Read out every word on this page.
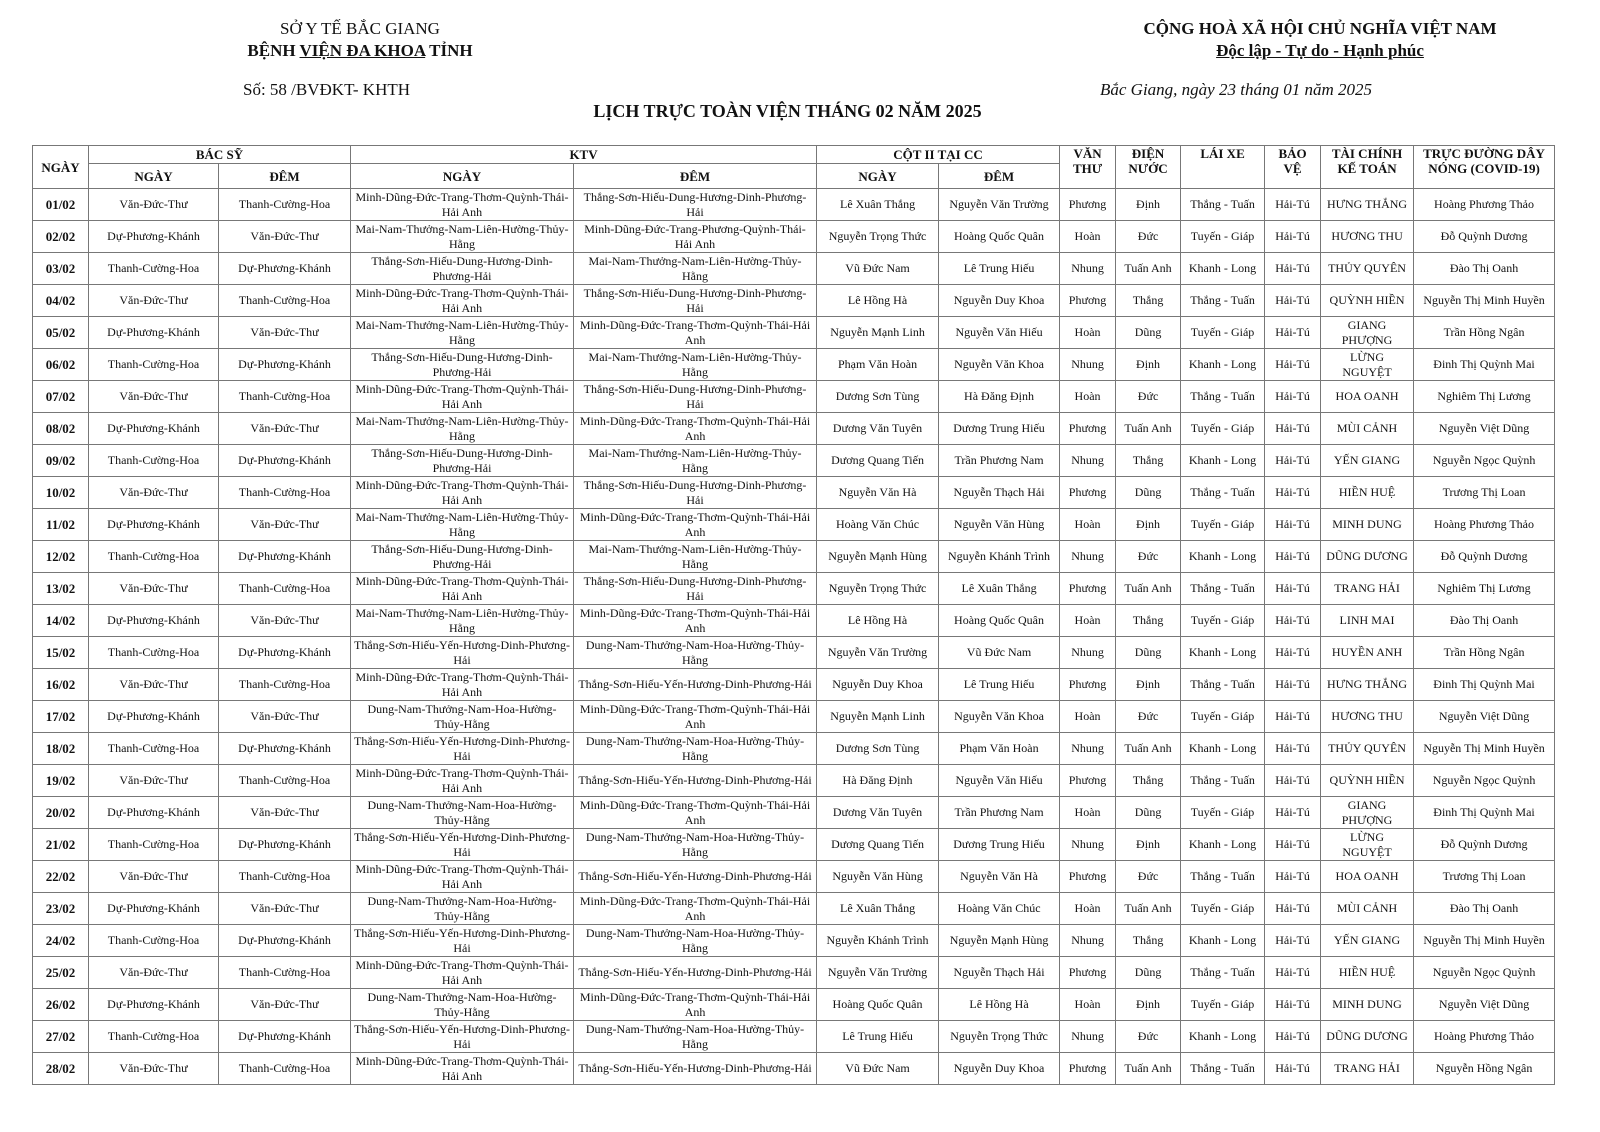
SỞ Y TẾ BẮC GIANG
BỆNH VIỆN ĐA KHOA TỈNH
CỘNG HOÀ XÃ HỘI CHỦ NGHĨA VIỆT NAM
Độc lập - Tự do - Hạnh phúc
Số: 58 /BVĐKT- KHTH	Bắc Giang, ngày 23 tháng 01 năm 2025
LỊCH TRỰC TOÀN VIỆN THÁNG 02 NĂM 2025
NGÀY	BÁC SỸ		KTV		CỘT II TẠI CC		VĂN THƯ	ĐIỆN NƯỚC	LÁI XE	BẢO VỆ	TÀI CHÍNH KẾ TOÁN	TRỰC ĐƯỜNG DÂY NÓNG (COVID-19)
	NGÀY	ĐÊM	NGÀY	ĐÊM	NGÀY	ĐÊM						
01/02	Văn-Đức-Thư	Thanh-Cường-Hoa	Minh-Dũng-Đức-Trang-Thơm-Quỳnh-Thái-Hải Anh	Thắng-Sơn-Hiếu-Dung-Hương-Dinh-Phương-Hải	Lê Xuân Thắng	Nguyễn Văn Trường	Phương	Định	Thắng - Tuấn	Hải-Tú	HƯNG THẮNG	Hoàng Phương Thảo
02/02	Dự-Phương-Khánh	Văn-Đức-Thư	Mai-Nam-Thưởng-Nam-Liên-Hường-Thủy-Hằng	Minh-Dũng-Đức-Trang-Phương-Quỳnh-Thái-Hải Anh	Nguyễn Trọng Thức	Hoàng Quốc Quân	Hoàn	Đức	Tuyến - Giáp	Hải-Tú	HƯƠNG THU	Đỗ Quỳnh Dương
03/02	Thanh-Cường-Hoa	Dự-Phương-Khánh	Thắng-Sơn-Hiếu-Dung-Hương-Dinh-Phương-Hải	Mai-Nam-Thưởng-Nam-Liên-Hường-Thủy-Hằng	Vũ Đức Nam	Lê Trung Hiếu	Nhung	Tuấn Anh	Khanh - Long	Hải-Tú	THỦY QUYÊN	Đào Thị Oanh
04/02	Văn-Đức-Thư	Thanh-Cường-Hoa	Minh-Dũng-Đức-Trang-Thơm-Quỳnh-Thái-Hải Anh	Thắng-Sơn-Hiếu-Dung-Hương-Dinh-Phương-Hải	Lê Hồng Hà	Nguyễn Duy Khoa	Phương	Thắng	Thắng - Tuấn	Hải-Tú	QUỲNH HIỀN	Nguyễn Thị Minh Huyền
05/02	Dự-Phương-Khánh	Văn-Đức-Thư	Mai-Nam-Thưởng-Nam-Liên-Hường-Thủy-Hằng	Minh-Dũng-Đức-Trang-Thơm-Quỳnh-Thái-Hải Anh	Nguyễn Mạnh Linh	Nguyễn Văn Hiếu	Hoàn	Dũng	Tuyến - Giáp	Hải-Tú	GIANG PHƯỢNG	Trần Hồng Ngân
06/02	Thanh-Cường-Hoa	Dự-Phương-Khánh	Thắng-Sơn-Hiếu-Dung-Hương-Dinh-Phương-Hải	Mai-Nam-Thưởng-Nam-Liên-Hường-Thủy-Hằng	Phạm Văn Hoàn	Nguyễn Văn Khoa	Nhung	Định	Khanh - Long	Hải-Tú	LỪNG NGUYỆT	Đinh Thị Quỳnh Mai
07/02	Văn-Đức-Thư	Thanh-Cường-Hoa	Minh-Dũng-Đức-Trang-Thơm-Quỳnh-Thái-Hải Anh	Thắng-Sơn-Hiếu-Dung-Hương-Dinh-Phương-Hải	Dương Sơn Tùng	Hà Đăng Định	Hoàn	Đức	Thắng - Tuấn	Hải-Tú	HOA OANH	Nghiêm Thị Lương
08/02	Dự-Phương-Khánh	Văn-Đức-Thư	Mai-Nam-Thưởng-Nam-Liên-Hường-Thủy-Hằng	Minh-Dũng-Đức-Trang-Thơm-Quỳnh-Thái-Hải Anh	Dương Văn Tuyên	Dương Trung Hiếu	Phương	Tuấn Anh	Tuyến - Giáp	Hải-Tú	MÙI CẢNH	Nguyễn Việt Dũng
09/02	Thanh-Cường-Hoa	Dự-Phương-Khánh	Thắng-Sơn-Hiếu-Dung-Hương-Dinh-Phương-Hải	Mai-Nam-Thưởng-Nam-Liên-Hường-Thủy-Hằng	Dương Quang Tiến	Trần Phương Nam	Nhung	Thắng	Khanh - Long	Hải-Tú	YẾN GIANG	Nguyễn Ngọc Quỳnh
10/02	Văn-Đức-Thư	Thanh-Cường-Hoa	Minh-Dũng-Đức-Trang-Thơm-Quỳnh-Thái-Hải Anh	Thắng-Sơn-Hiếu-Dung-Hương-Dinh-Phương-Hải	Nguyễn Văn Hà	Nguyễn Thạch Hải	Phương	Dũng	Thắng - Tuấn	Hải-Tú	HIỀN HUỆ	Trương Thị Loan
11/02	Dự-Phương-Khánh	Văn-Đức-Thư	Mai-Nam-Thưởng-Nam-Liên-Hường-Thủy-Hằng	Minh-Dũng-Đức-Trang-Thơm-Quỳnh-Thái-Hải Anh	Hoàng Văn Chúc	Nguyễn Văn Hùng	Hoàn	Định	Tuyến - Giáp	Hải-Tú	MINH DUNG	Hoàng Phương Thảo
12/02	Thanh-Cường-Hoa	Dự-Phương-Khánh	Thắng-Sơn-Hiếu-Dung-Hương-Dinh-Phương-Hải	Mai-Nam-Thưởng-Nam-Liên-Hường-Thủy-Hằng	Nguyễn Mạnh Hùng	Nguyễn Khánh Trình	Nhung	Đức	Khanh - Long	Hải-Tú	DŨNG DƯƠNG	Đỗ Quỳnh Dương
13/02	Văn-Đức-Thư	Thanh-Cường-Hoa	Minh-Dũng-Đức-Trang-Thơm-Quỳnh-Thái-Hải Anh	Thắng-Sơn-Hiếu-Dung-Hương-Dinh-Phương-Hải	Nguyễn Trọng Thức	Lê Xuân Thắng	Phương	Tuấn Anh	Thắng - Tuấn	Hải-Tú	TRANG HẢI	Nghiêm Thị Lương
14/02	Dự-Phương-Khánh	Văn-Đức-Thư	Mai-Nam-Thưởng-Nam-Liên-Hường-Thủy-Hằng	Minh-Dũng-Đức-Trang-Thơm-Quỳnh-Thái-Hải Anh	Lê Hồng Hà	Hoàng Quốc Quân	Hoàn	Thắng	Tuyến - Giáp	Hải-Tú	LINH MAI	Đào Thị Oanh
15/02	Thanh-Cường-Hoa	Dự-Phương-Khánh	Thắng-Sơn-Hiếu-Yến-Hương-Dinh-Phương-Hải	Dung-Nam-Thưởng-Nam-Hoa-Hường-Thủy-Hằng	Nguyễn Văn Trường	Vũ Đức Nam	Nhung	Dũng	Khanh - Long	Hải-Tú	HUYỀN ANH	Trần Hồng Ngân
16/02	Văn-Đức-Thư	Thanh-Cường-Hoa	Minh-Dũng-Đức-Trang-Thơm-Quỳnh-Thái-Hải Anh	Thắng-Sơn-Hiếu-Yến-Hương-Dinh-Phương-Hải	Nguyễn Duy Khoa	Lê Trung Hiếu	Phương	Định	Thắng - Tuấn	Hải-Tú	HƯNG THẮNG	Đinh Thị Quỳnh Mai
17/02	Dự-Phương-Khánh	Văn-Đức-Thư	Dung-Nam-Thưởng-Nam-Hoa-Hường-Thủy-Hằng	Minh-Dũng-Đức-Trang-Thơm-Quỳnh-Thái-Hải Anh	Nguyễn Mạnh Linh	Nguyễn Văn Khoa	Hoàn	Đức	Tuyến - Giáp	Hải-Tú	HƯƠNG THU	Nguyễn Việt Dũng
18/02	Thanh-Cường-Hoa	Dự-Phương-Khánh	Thắng-Sơn-Hiếu-Yến-Hương-Dinh-Phương-Hải	Dung-Nam-Thưởng-Nam-Hoa-Hường-Thủy-Hằng	Dương Sơn Tùng	Phạm Văn Hoàn	Nhung	Tuấn Anh	Khanh - Long	Hải-Tú	THỦY QUYÊN	Nguyễn Thị Minh Huyền
19/02	Văn-Đức-Thư	Thanh-Cường-Hoa	Minh-Dũng-Đức-Trang-Thơm-Quỳnh-Thái-Hải Anh	Thắng-Sơn-Hiếu-Yến-Hương-Dinh-Phương-Hải	Hà Đăng Định	Nguyễn Văn Hiếu	Phương	Thắng	Thắng - Tuấn	Hải-Tú	QUỲNH HIỀN	Nguyễn Ngọc Quỳnh
20/02	Dự-Phương-Khánh	Văn-Đức-Thư	Dung-Nam-Thưởng-Nam-Hoa-Hường-Thủy-Hằng	Minh-Dũng-Đức-Trang-Thơm-Quỳnh-Thái-Hải Anh	Dương Văn Tuyên	Trần Phương Nam	Hoàn	Dũng	Tuyến - Giáp	Hải-Tú	GIANG PHƯỢNG	Đinh Thị Quỳnh Mai
21/02	Thanh-Cường-Hoa	Dự-Phương-Khánh	Thắng-Sơn-Hiếu-Yến-Hương-Dinh-Phương-Hải	Dung-Nam-Thưởng-Nam-Hoa-Hường-Thủy-Hằng	Dương Quang Tiến	Dương Trung Hiếu	Nhung	Định	Khanh - Long	Hải-Tú	LỪNG NGUYỆT	Đỗ Quỳnh Dương
22/02	Văn-Đức-Thư	Thanh-Cường-Hoa	Minh-Dũng-Đức-Trang-Thơm-Quỳnh-Thái-Hải Anh	Thắng-Sơn-Hiếu-Yến-Hương-Dinh-Phương-Hải	Nguyễn Văn Hùng	Nguyễn Văn Hà	Phương	Đức	Thắng - Tuấn	Hải-Tú	HOA OANH	Trương Thị Loan
23/02	Dự-Phương-Khánh	Văn-Đức-Thư	Dung-Nam-Thưởng-Nam-Hoa-Hường-Thủy-Hằng	Minh-Dũng-Đức-Trang-Thơm-Quỳnh-Thái-Hải Anh	Lê Xuân Thắng	Hoàng Văn Chúc	Hoàn	Tuấn Anh	Tuyến - Giáp	Hải-Tú	MÙI CẢNH	Đào Thị Oanh
24/02	Thanh-Cường-Hoa	Dự-Phương-Khánh	Thắng-Sơn-Hiếu-Yến-Hương-Dinh-Phương-Hải	Dung-Nam-Thưởng-Nam-Hoa-Hường-Thủy-Hằng	Nguyễn Khánh Trình	Nguyễn Mạnh Hùng	Nhung	Thắng	Khanh - Long	Hải-Tú	YẾN GIANG	Nguyễn Thị Minh Huyền
25/02	Văn-Đức-Thư	Thanh-Cường-Hoa	Minh-Dũng-Đức-Trang-Thơm-Quỳnh-Thái-Hải Anh	Thắng-Sơn-Hiếu-Yến-Hương-Dinh-Phương-Hải	Nguyễn Văn Trường	Nguyễn Thạch Hải	Phương	Dũng	Thắng - Tuấn	Hải-Tú	HIỀN HUỆ	Nguyễn Ngọc Quỳnh
26/02	Dự-Phương-Khánh	Văn-Đức-Thư	Dung-Nam-Thưởng-Nam-Hoa-Hường-Thủy-Hằng	Minh-Dũng-Đức-Trang-Thơm-Quỳnh-Thái-Hải Anh	Hoàng Quốc Quân	Lê Hồng Hà	Hoàn	Định	Tuyến - Giáp	Hải-Tú	MINH DUNG	Nguyễn Việt Dũng
27/02	Thanh-Cường-Hoa	Dự-Phương-Khánh	Thắng-Sơn-Hiếu-Yến-Hương-Dinh-Phương-Hải	Dung-Nam-Thưởng-Nam-Hoa-Hường-Thủy-Hằng	Lê Trung Hiếu	Nguyễn Trọng Thức	Nhung	Đức	Khanh - Long	Hải-Tú	DŨNG DƯƠNG	Hoàng Phương Thảo
28/02	Văn-Đức-Thư	Thanh-Cường-Hoa	Minh-Dũng-Đức-Trang-Thơm-Quỳnh-Thái-Hải Anh	Thắng-Sơn-Hiếu-Yến-Hương-Dinh-Phương-Hải	Vũ Đức Nam	Nguyễn Duy Khoa	Phương	Tuấn Anh	Thắng - Tuấn	Hải-Tú	TRANG HẢI	Nguyễn Hồng Ngân
